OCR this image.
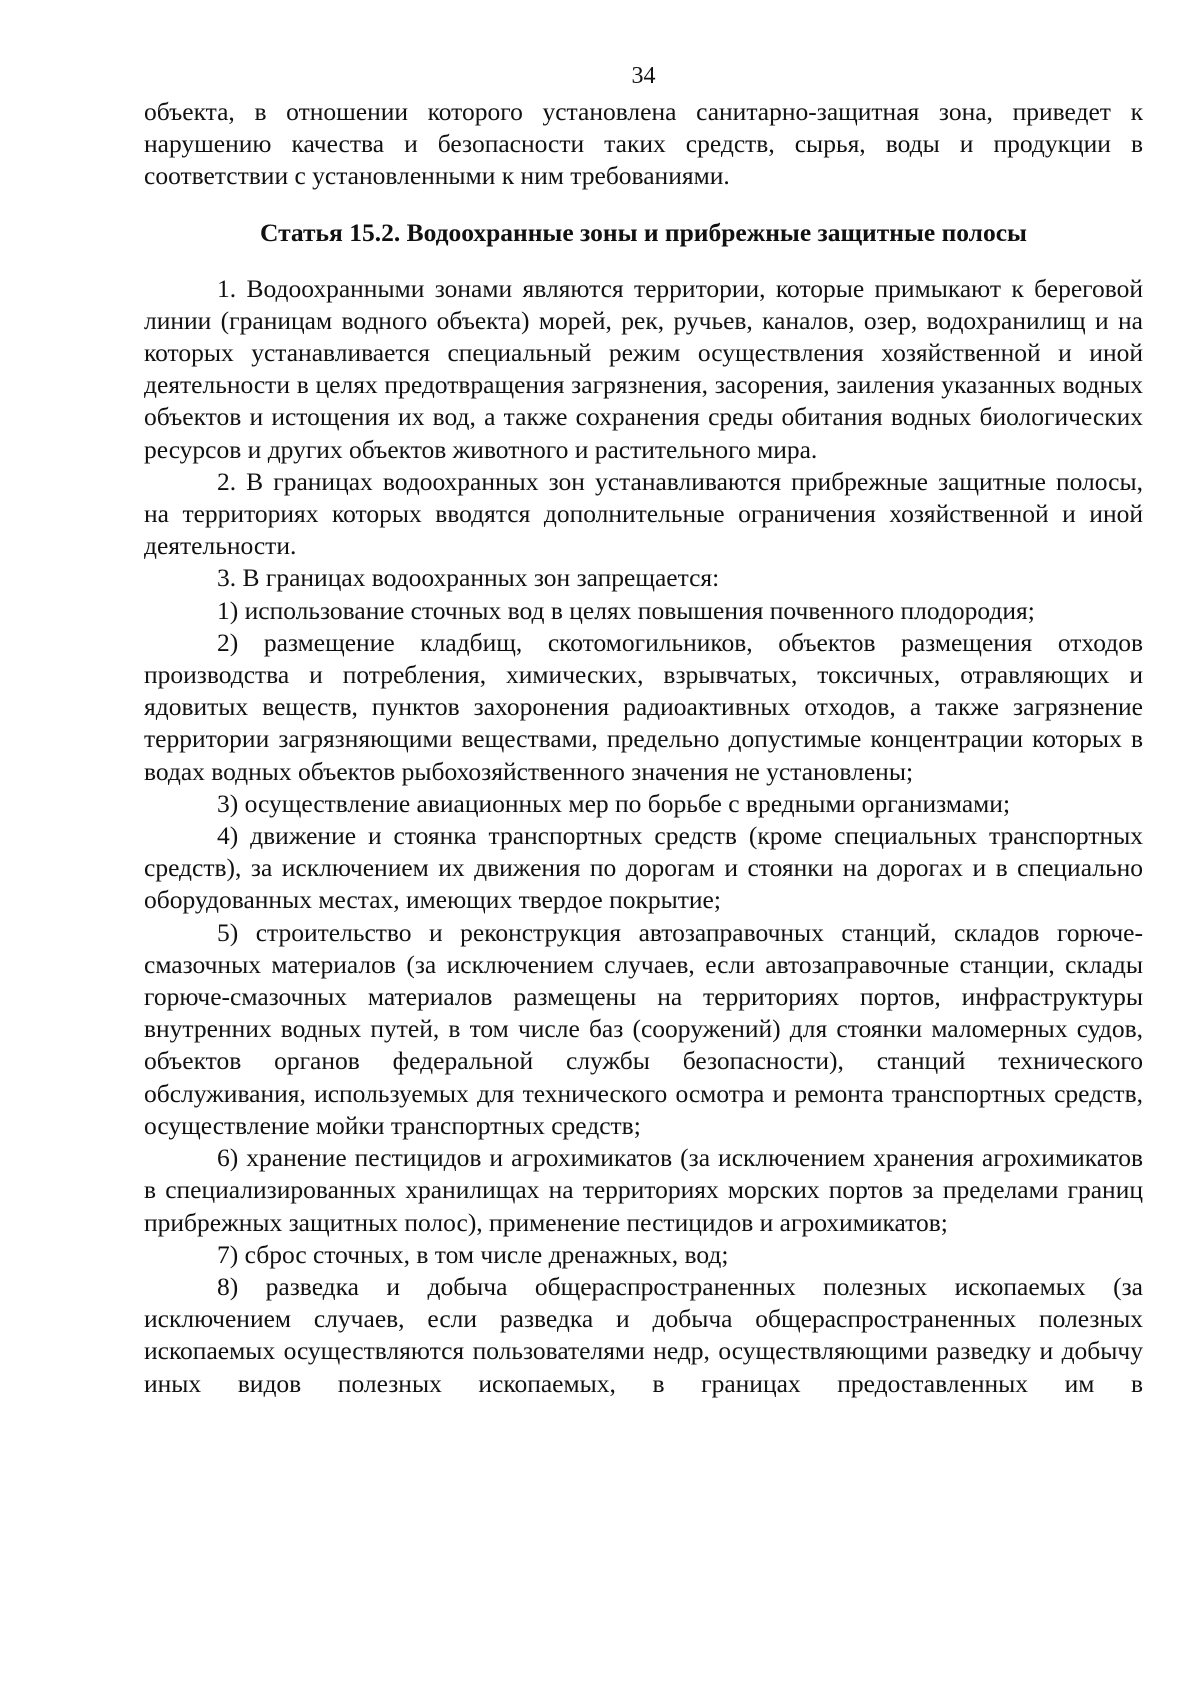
34

объекта, в отношении которого установлена санитарно-защитная зона, приведет к нарушению качества и безопасности таких средств, сырья, воды и продукции в соответствии с установленными к ним требованиями.

Статья 15.2. Водоохранные зоны и прибрежные защитные полосы

1. Водоохранными зонами являются территории, которые примыкают к береговой линии (границам водного объекта) морей, рек, ручьев, каналов, озер, водохранилищ и на которых устанавливается специальный режим осуществления хозяйственной и иной деятельности в целях предотвращения загрязнения, засорения, заиления указанных водных объектов и истощения их вод, а также сохранения среды обитания водных биологических ресурсов и других объектов животного и растительного мира.

2. В границах водоохранных зон устанавливаются прибрежные защитные полосы, на территориях которых вводятся дополнительные ограничения хозяйственной и иной деятельности.

3. В границах водоохранных зон запрещается:

1) использование сточных вод в целях повышения почвенного плодородия;

2) размещение кладбищ, скотомогильников, объектов размещения отходов производства и потребления, химических, взрывчатых, токсичных, отравляющих и ядовитых веществ, пунктов захоронения радиоактивных отходов, а также загрязнение территории загрязняющими веществами, предельно допустимые концентрации которых в водах водных объектов рыбохозяйственного значения не установлены;

3) осуществление авиационных мер по борьбе с вредными организмами;

4) движение и стоянка транспортных средств (кроме специальных транспортных средств), за исключением их движения по дорогам и стоянки на дорогах и в специально оборудованных местах, имеющих твердое покрытие;

5) строительство и реконструкция автозаправочных станций, складов горюче-смазочных материалов (за исключением случаев, если автозаправочные станции, склады горюче-смазочных материалов размещены на территориях портов, инфраструктуры внутренних водных путей, в том числе баз (сооружений) для стоянки маломерных судов, объектов органов федеральной службы безопасности), станций технического обслуживания, используемых для технического осмотра и ремонта транспортных средств, осуществление мойки транспортных средств;

6) хранение пестицидов и агрохимикатов (за исключением хранения агрохимикатов в специализированных хранилищах на территориях морских портов за пределами границ прибрежных защитных полос), применение пестицидов и агрохимикатов;

7) сброс сточных, в том числе дренажных, вод;

8) разведка и добыча общераспространенных полезных ископаемых (за исключением случаев, если разведка и добыча общераспространенных полезных ископаемых осуществляются пользователями недр, осуществляющими разведку и добычу иных видов полезных ископаемых, в границах предоставленных им в
